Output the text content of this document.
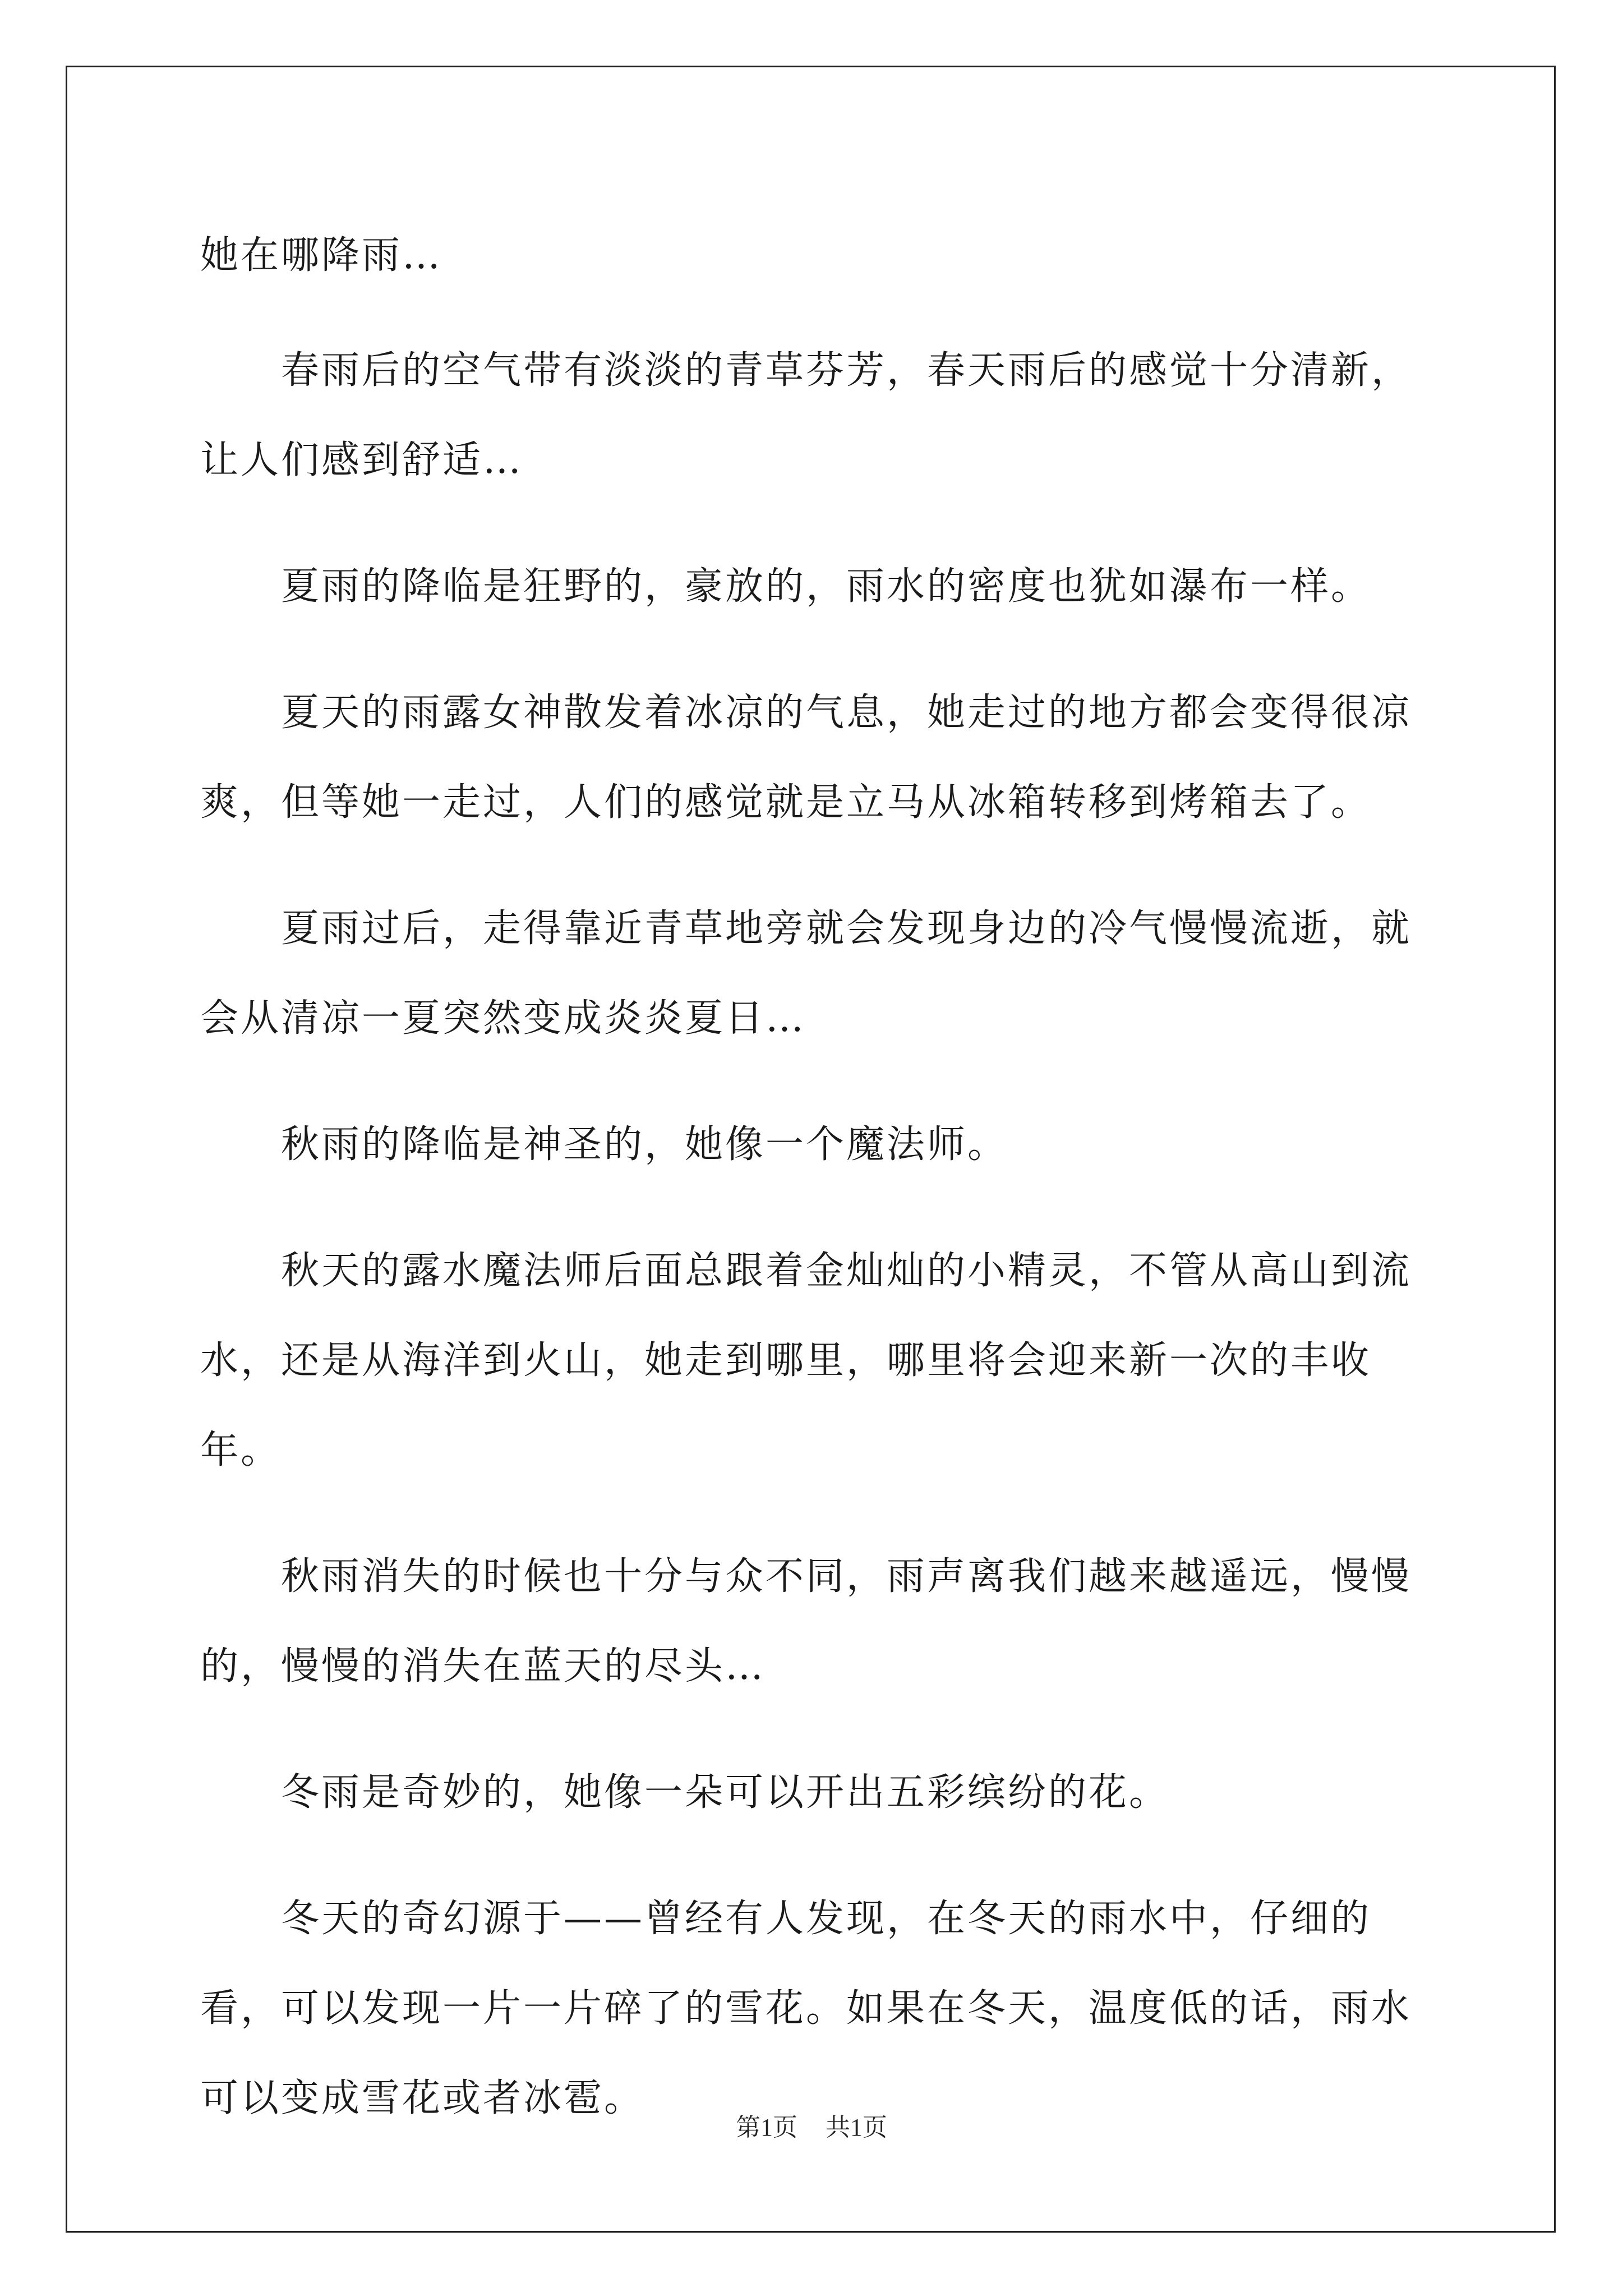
她在哪降雨…

春雨后的空气带有淡淡的青草芬芳，春天雨后的感觉十分清新，让人们感到舒适…

夏雨的降临是狂野的，豪放的，雨水的密度也犹如瀑布一样。

夏天的雨露女神散发着冰凉的气息，她走过的地方都会变得很凉爽，但等她一走过，人们的感觉就是立马从冰箱转移到烤箱去了。

夏雨过后，走得靠近青草地旁就会发现身边的冷气慢慢流逝，就会从清凉一夏突然变成炎炎夏日…

秋雨的降临是神圣的，她像一个魔法师。

秋天的露水魔法师后面总跟着金灿灿的小精灵，不管从高山到流水，还是从海洋到火山，她走到哪里，哪里将会迎来新一次的丰收年。

秋雨消失的时候也十分与众不同，雨声离我们越来越遥远，慢慢的，慢慢的消失在蓝天的尽头…

冬雨是奇妙的，她像一朵可以开出五彩缤纷的花。

冬天的奇幻源于——曾经有人发现，在冬天的雨水中，仔细的看，可以发现一片一片碎了的雪花。如果在冬天，温度低的话，雨水可以变成雪花或者冰雹。

第1页 共1页
